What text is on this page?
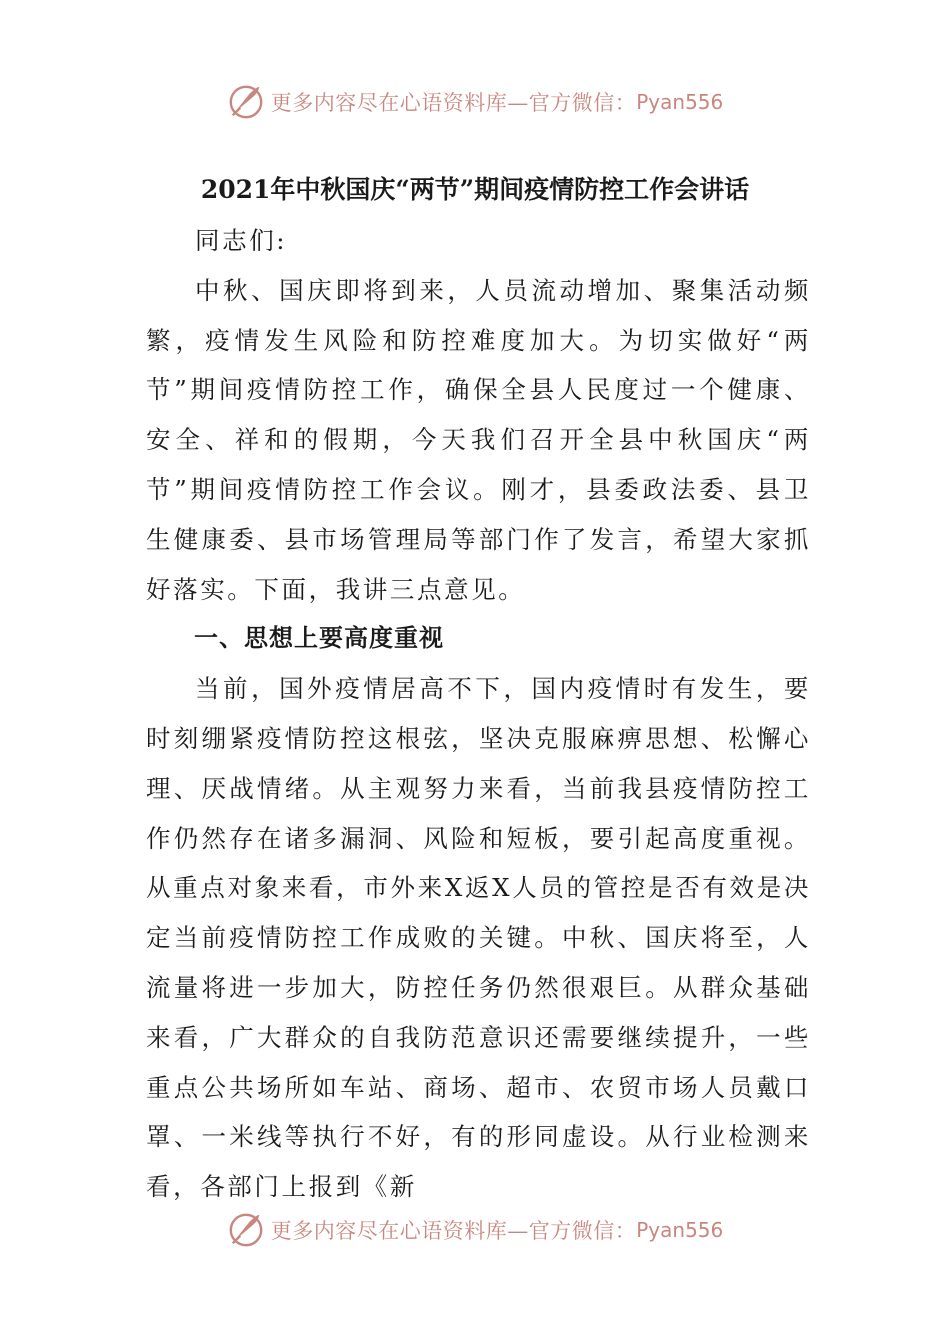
更多内容尽在心语资料库—官方微信： Pyan556
2021年中秋国庆“两节”期间疫情防控工作会讲话

同志们:

中秋、国庆即将到来，人员流动增加、聚集活动频繁，疫情发生风险和防控难度加大。为切实做好“两节”期间疫情防控工作，确保全县人民度过一个健康、安全、祥和的假期，今天我们召开全县中秋国庆“两节”期间疫情防控工作会议。刚才，县委政法委、县卫生健康委、县市场管理局等部门作了发言，希望大家抓好落实。下面，我讲三点意见。

一、思想上要高度重视

当前，国外疫情居高不下，国内疫情时有发生，要时刻绷紧疫情防控这根弦，坚决克服麻痹思想、松懈心理、厌战情绪。从主观努力来看，当前我县疫情防控工作仍然存在诸多漏洞、风险和短板，要引起高度重视。从重点对象来看，市外来X返X人员的管控是否有效是决定当前疫情防控工作成败的关键。中秋、国庆将至，人流量将进一步加大，防控任务仍然很艰巨。从群众基础来看，广大群众的自我防范意识还需要继续提升，一些重点公共场所如车站、商场、超市、农贸市场人员戴口罩、一米线等执行不好，有的形同虚设。从行业检测来看，各部门上报到《新

更多内容尽在心语资料库—官方微信： Pyan556
